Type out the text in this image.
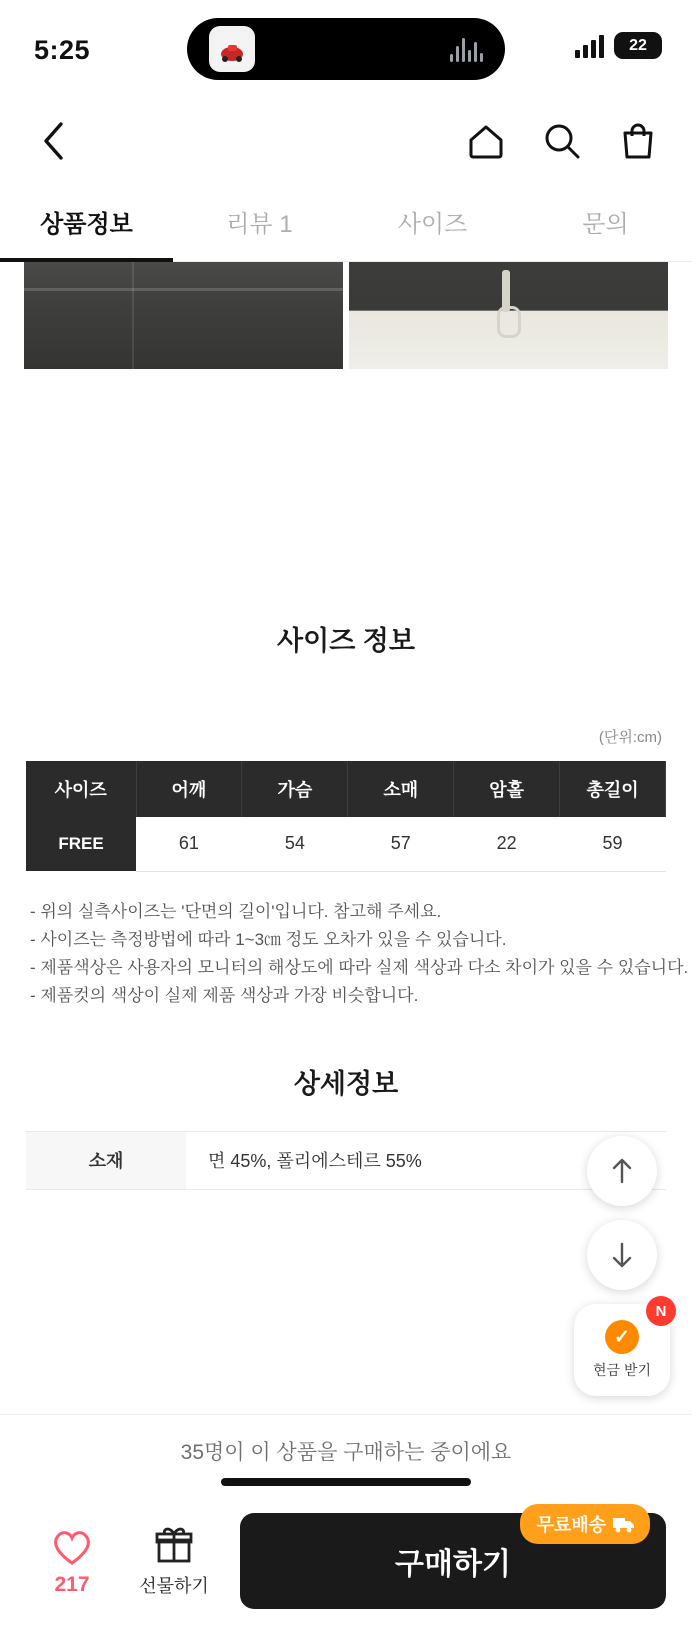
5:25	22
상품정보	리뷰 1	사이즈	문의
사이즈 정보
(단위:cm)
사이즈	어깨	가슴	소매	암홀	총길이
FREE	61	54	57	22	59
- 위의 실측사이즈는 '단면의 길이'입니다. 참고해 주세요.
- 사이즈는 측정방법에 따라 1~3㎝ 정도 오차가 있을 수 있습니다.
- 제품색상은 사용자의 모니터의 해상도에 따라 실제 색상과 다소 차이가 있을 수 있습니다.
- 제품컷의 색상이 실제 제품 색상과 가장 비슷합니다.
상세정보
소재	면 45%, 폴리에스테르 55%
N
✓
현금 받기
35명이 이 상품을 구매하는 중이에요
217	선물하기
구매하기
무료배송
